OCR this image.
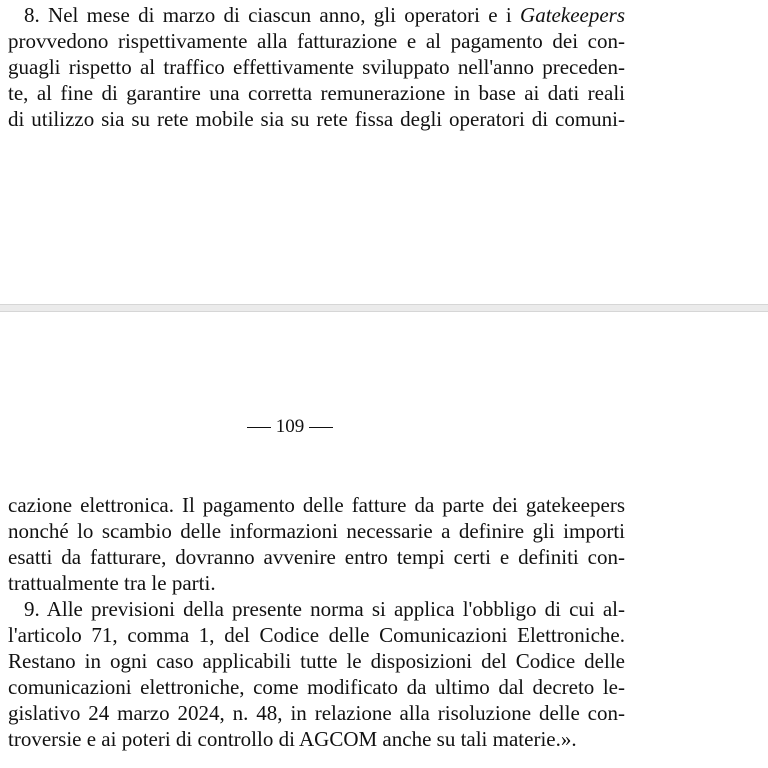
8. Nel mese di marzo di ciascun anno, gli operatori e i Gatekeepers
provvedono rispettivamente alla fatturazione e al pagamento dei con-
guagli rispetto al traffico effettivamente sviluppato nell'anno preceden-
te, al fine di garantire una corretta remunerazione in base ai dati reali
di utilizzo sia su rete mobile sia su rete fissa degli operatori di comuni-
109
cazione elettronica. Il pagamento delle fatture da parte dei gatekeepers
nonché lo scambio delle informazioni necessarie a definire gli importi
esatti da fatturare, dovranno avvenire entro tempi certi e definiti con-
trattualmente tra le parti.
9. Alle previsioni della presente norma si applica l'obbligo di cui al-
l'articolo 71, comma 1, del Codice delle Comunicazioni Elettroniche.
Restano in ogni caso applicabili tutte le disposizioni del Codice delle
comunicazioni elettroniche, come modificato da ultimo dal decreto le-
gislativo 24 marzo 2024, n. 48, in relazione alla risoluzione delle con-
troversie e ai poteri di controllo di AGCOM anche su tali materie.».
